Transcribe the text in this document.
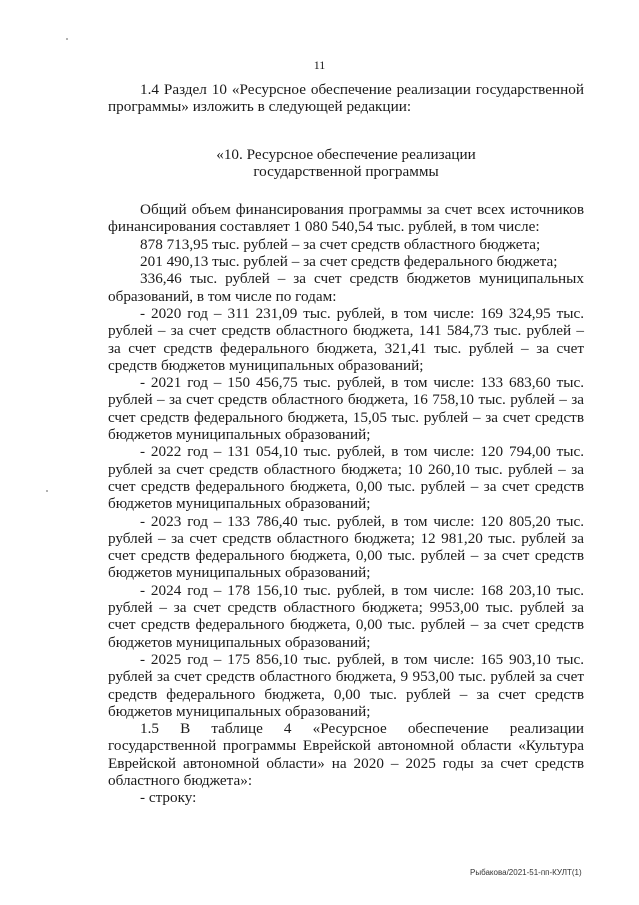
11

1.4 Раздел 10 «Ресурсное обеспечение реализации государственной программы» изложить в следующей редакции:

«10. Ресурсное обеспечение реализации

государственной программы

Общий объем финансирования программы за счет всех источников финансирования составляет 1 080 540,54 тыс. рублей, в том числе:

878 713,95 тыс. рублей – за счет средств областного бюджета;

201 490,13 тыс. рублей – за счет средств федерального бюджета;

336,46 тыс. рублей – за счет средств бюджетов муниципальных образований, в том числе по годам:

- 2020 год – 311 231,09 тыс. рублей, в том числе: 169 324,95 тыс. рублей – за счет средств областного бюджета, 141 584,73 тыс. рублей – за счет средств федерального бюджета, 321,41 тыс. рублей – за счет средств бюджетов муниципальных образований;

- 2021 год – 150 456,75 тыс. рублей, в том числе: 133 683,60 тыс. рублей – за счет средств областного бюджета, 16 758,10 тыс. рублей – за счет средств федерального бюджета, 15,05 тыс. рублей – за счет средств бюджетов муниципальных образований;

- 2022 год – 131 054,10 тыс. рублей, в том числе: 120 794,00 тыс. рублей за счет средств областного бюджета; 10 260,10 тыс. рублей – за счет средств федерального бюджета, 0,00 тыс. рублей – за счет средств бюджетов муниципальных образований;

- 2023 год – 133 786,40 тыс. рублей, в том числе: 120 805,20 тыс. рублей – за счет средств областного бюджета; 12 981,20 тыс. рублей за счет средств федерального бюджета, 0,00 тыс. рублей – за счет средств бюджетов муниципальных образований;

- 2024 год – 178 156,10 тыс. рублей, в том числе: 168 203,10 тыс. рублей – за счет средств областного бюджета; 9953,00 тыс. рублей за счет средств федерального бюджета, 0,00 тыс. рублей – за счет средств бюджетов муниципальных образований;

- 2025 год – 175 856,10 тыс. рублей, в том числе: 165 903,10 тыс. рублей за счет средств областного бюджета, 9 953,00 тыс. рублей за счет средств федерального бюджета, 0,00 тыс. рублей – за счет средств бюджетов муниципальных образований;

1.5 В таблице 4 «Ресурсное обеспечение реализации государственной программы Еврейской автономной области «Культура Еврейской автономной области» на 2020 – 2025 годы за счет средств областного бюджета»:

- строку:

Рыбакова/2021-51-пп-КУЛТ(1)
